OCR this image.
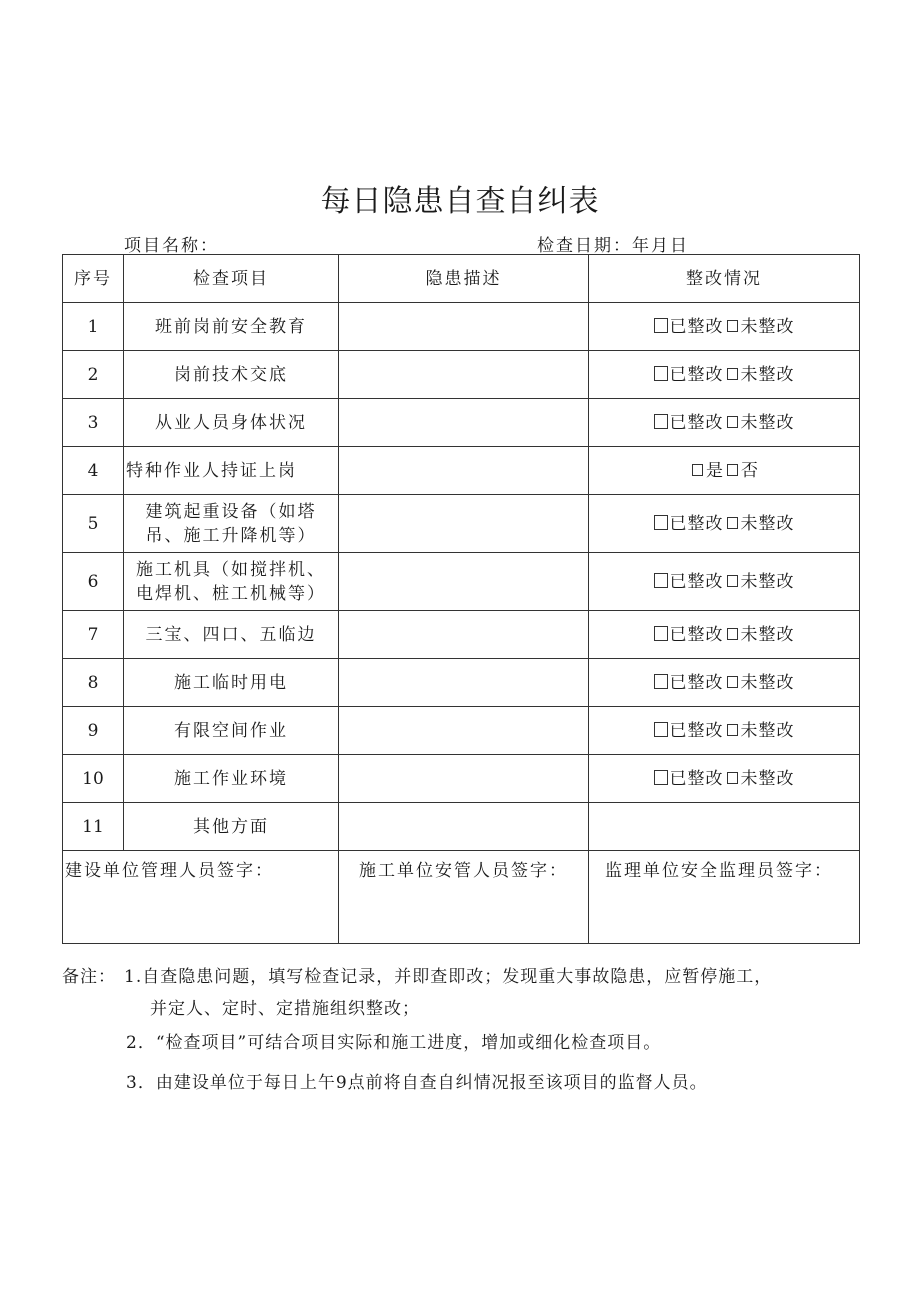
每日隐患自查自纠表
项目名称：	检查日期：年月日
序号	检查项目	隐患描述	整改情况
1	班前岗前安全教育		已整改 未整改
2	岗前技术交底		已整改 未整改
3	从业人员身体状况		已整改 未整改
4	特种作业人持证上岗		是 否
5	建筑起重设备（如塔
吊、施工升降机等）		已整改 未整改
6	施工机具（如搅拌机、
电焊机、桩工机械等）		已整改 未整改
7	三宝、四口、五临边		已整改 未整改
8	施工临时用电		已整改 未整改
9	有限空间作业		已整改 未整改
10	施工作业环境		已整改 未整改
11	其他方面		
建设单位管理人员签字：		施工单位安管人员签字：	监理单位安全监理员签字：
备注： 1.自查隐患问题，填写检查记录，并即查即改；发现重大事故隐患，应暂停施工，
并定人、定时、定措施组织整改；
2．“检查项目”可结合项目实际和施工进度，增加或细化检查项目。
3．由建设单位于每日上午9点前将自查自纠情况报至该项目的监督人员。
